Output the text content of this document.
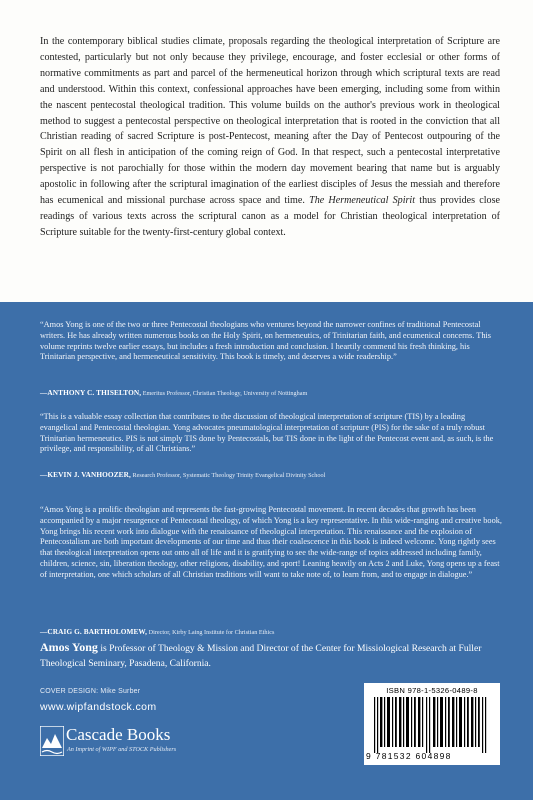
In the contemporary biblical studies climate, proposals regarding the theological interpretation of Scripture are contested, particularly but not only because they privilege, encourage, and foster ecclesial or other forms of normative commitments as part and parcel of the hermeneutical horizon through which scriptural texts are read and understood. Within this context, confessional approaches have been emerging, including some from within the nascent pentecostal theological tradition. This volume builds on the author's previous work in theological method to suggest a pentecostal perspective on theological interpretation that is rooted in the conviction that all Christian reading of sacred Scripture is post-Pentecost, meaning after the Day of Pentecost outpouring of the Spirit on all flesh in anticipation of the coming reign of God. In that respect, such a pentecostal interpretative perspective is not parochially for those within the modern day movement bearing that name but is arguably apostolic in following after the scriptural imagination of the earliest disciples of Jesus the messiah and therefore has ecumenical and missional purchase across space and time. The Hermeneutical Spirit thus provides close readings of various texts across the scriptural canon as a model for Christian theological interpretation of Scripture suitable for the twenty-first-century global context.
“Amos Yong is one of the two or three Pentecostal theologians who ventures beyond the narrower confines of traditional Pentecostal writers. He has already written numerous books on the Holy Spirit, on hermeneutics, of Trinitarian faith, and ecumenical concerns. This volume reprints twelve earlier essays, but includes a fresh introduction and conclusion. I heartily commend his fresh thinking, his Trinitarian perspective, and hermeneutical sensitivity. This book is timely, and deserves a wide readership.”
—ANTHONY C. THISELTON, Emeritus Professor, Christian Theology, University of Nottingham
“This is a valuable essay collection that contributes to the discussion of theological interpretation of scripture (TIS) by a leading evangelical and Pentecostal theologian. Yong advocates pneumatological interpretation of scripture (PIS) for the sake of a truly robust Trinitarian hermeneutics. PIS is not simply TIS done by Pentecostals, but TIS done in the light of the Pentecost event and, as such, is the privilege, and responsibility, of all Christians.”
—KEVIN J. VANHOOZER, Research Professor, Systematic Theology Trinity Evangelical Divinity School
“Amos Yong is a prolific theologian and represents the fast-growing Pentecostal movement. In recent decades that growth has been accompanied by a major resurgence of Pentecostal theology, of which Yong is a key representative. In this wide-ranging and creative book, Yong brings his recent work into dialogue with the renaissance of theological interpretation. This renaissance and the explosion of Pentecostalism are both important developments of our time and thus their coalescence in this book is indeed welcome. Yong rightly sees that theological interpretation opens out onto all of life and it is gratifying to see the wide-range of topics addressed including family, children, science, sin, liberation theology, other religions, disability, and sport! Leaning heavily on Acts 2 and Luke, Yong opens up a feast of interpretation, one which scholars of all Christian traditions will want to take note of, to learn from, and to engage in dialogue.”
—CRAIG G. BARTHOLOMEW, Director, Kirby Laing Institute for Christian Ethics
Amos Yong is Professor of Theology & Mission and Director of the Center for Missiological Research at Fuller Theological Seminary, Pasadena, California.
COVER DESIGN: Mike Surber
www.wipfandstock.com
Cascade Books
An Imprint of WIPF and STOCK Publishers
ISBN 978-1-5326-0489-8
9 781532 604898
